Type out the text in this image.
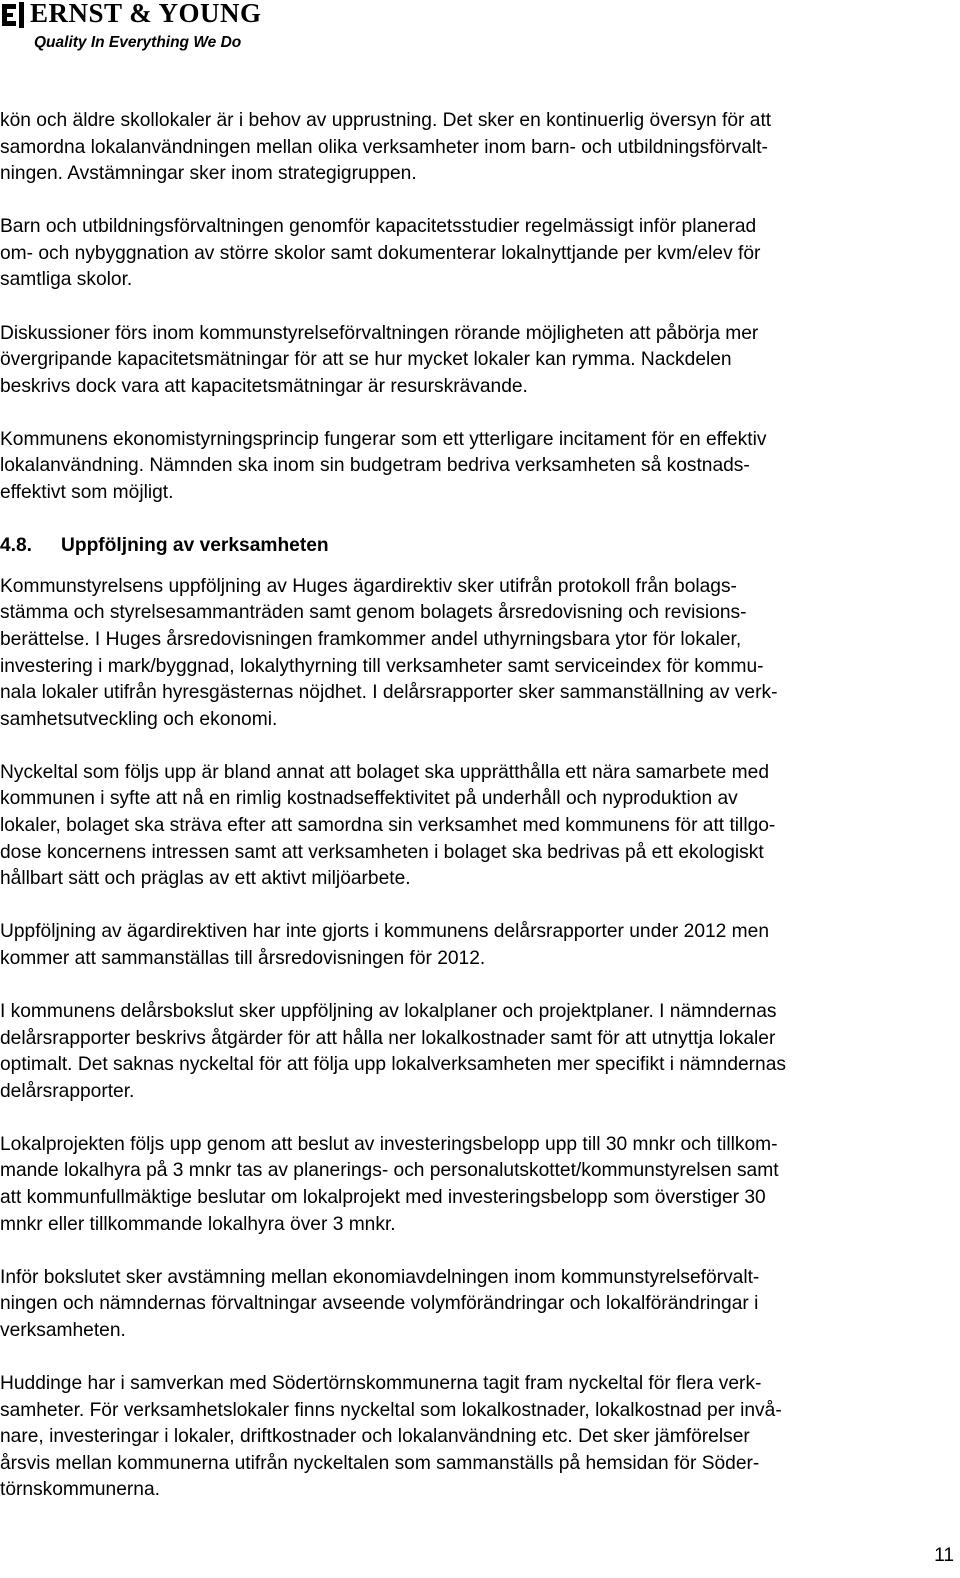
ERNST & YOUNG
Quality In Everything We Do

kön och äldre skollokaler är i behov av upprustning. Det sker en kontinuerlig översyn för att
samordna lokalanvändningen mellan olika verksamheter inom barn- och utbildningsförvalt-
ningen. Avstämningar sker inom strategigruppen.

Barn och utbildningsförvaltningen genomför kapacitetsstudier regelmässigt inför planerad
om- och nybyggnation av större skolor samt dokumenterar lokalnyttjande per kvm/elev för
samtliga skolor.

Diskussioner förs inom kommunstyrelseförvaltningen rörande möjligheten att påbörja mer
övergripande kapacitetsmätningar för att se hur mycket lokaler kan rymma. Nackdelen
beskrivs dock vara att kapacitetsmätningar är resurskrävande.

Kommunens ekonomistyrningsprincip fungerar som ett ytterligare incitament för en effektiv
lokalanvändning. Nämnden ska inom sin budgetram bedriva verksamheten så kostnads-
effektivt som möjligt.

4.8. Uppföljning av verksamheten

Kommunstyrelsens uppföljning av Huges ägardirektiv sker utifrån protokoll från bolags-
stämma och styrelsesammanträden samt genom bolagets årsredovisning och revisions-
berättelse. I Huges årsredovisningen framkommer andel uthyrningsbara ytor för lokaler,
investering i mark/byggnad, lokalythyrning till verksamheter samt serviceindex för kommu-
nala lokaler utifrån hyresgästernas nöjdhet. I delårsrapporter sker sammanställning av verk-
samhetsutveckling och ekonomi.

Nyckeltal som följs upp är bland annat att bolaget ska upprätthålla ett nära samarbete med
kommunen i syfte att nå en rimlig kostnadseffektivitet på underhåll och nyproduktion av
lokaler, bolaget ska sträva efter att samordna sin verksamhet med kommunens för att tillgo-
dose koncernens intressen samt att verksamheten i bolaget ska bedrivas på ett ekologiskt
hållbart sätt och präglas av ett aktivt miljöarbete.

Uppföljning av ägardirektiven har inte gjorts i kommunens delårsrapporter under 2012 men
kommer att sammanställas till årsredovisningen för 2012.

I kommunens delårsbokslut sker uppföljning av lokalplaner och projektplaner. I nämndernas
delårsrapporter beskrivs åtgärder för att hålla ner lokalkostnader samt för att utnyttja lokaler
optimalt. Det saknas nyckeltal för att följa upp lokalverksamheten mer specifikt i nämndernas
delårsrapporter.

Lokalprojekten följs upp genom att beslut av investeringsbelopp upp till 30 mnkr och tillkom-
mande lokalhyra på 3 mnkr tas av planerings- och personalutskottet/kommunstyrelsen samt
att kommunfullmäktige beslutar om lokalprojekt med investeringsbelopp som överstiger 30
mnkr eller tillkommande lokalhyra över 3 mnkr.

Inför bokslutet sker avstämning mellan ekonomiavdelningen inom kommunstyrelseförvalt-
ningen och nämndernas förvaltningar avseende volymförändringar och lokalförändringar i
verksamheten.

Huddinge har i samverkan med Södertörnskommunerna tagit fram nyckeltal för flera verk-
samheter. För verksamhetslokaler finns nyckeltal som lokalkostnader, lokalkostnad per invå-
nare, investeringar i lokaler, driftkostnader och lokalanvändning etc. Det sker jämförelser
årsvis mellan kommunerna utifrån nyckeltalen som sammanställs på hemsidan för Söder-
törnskommunerna.

11
